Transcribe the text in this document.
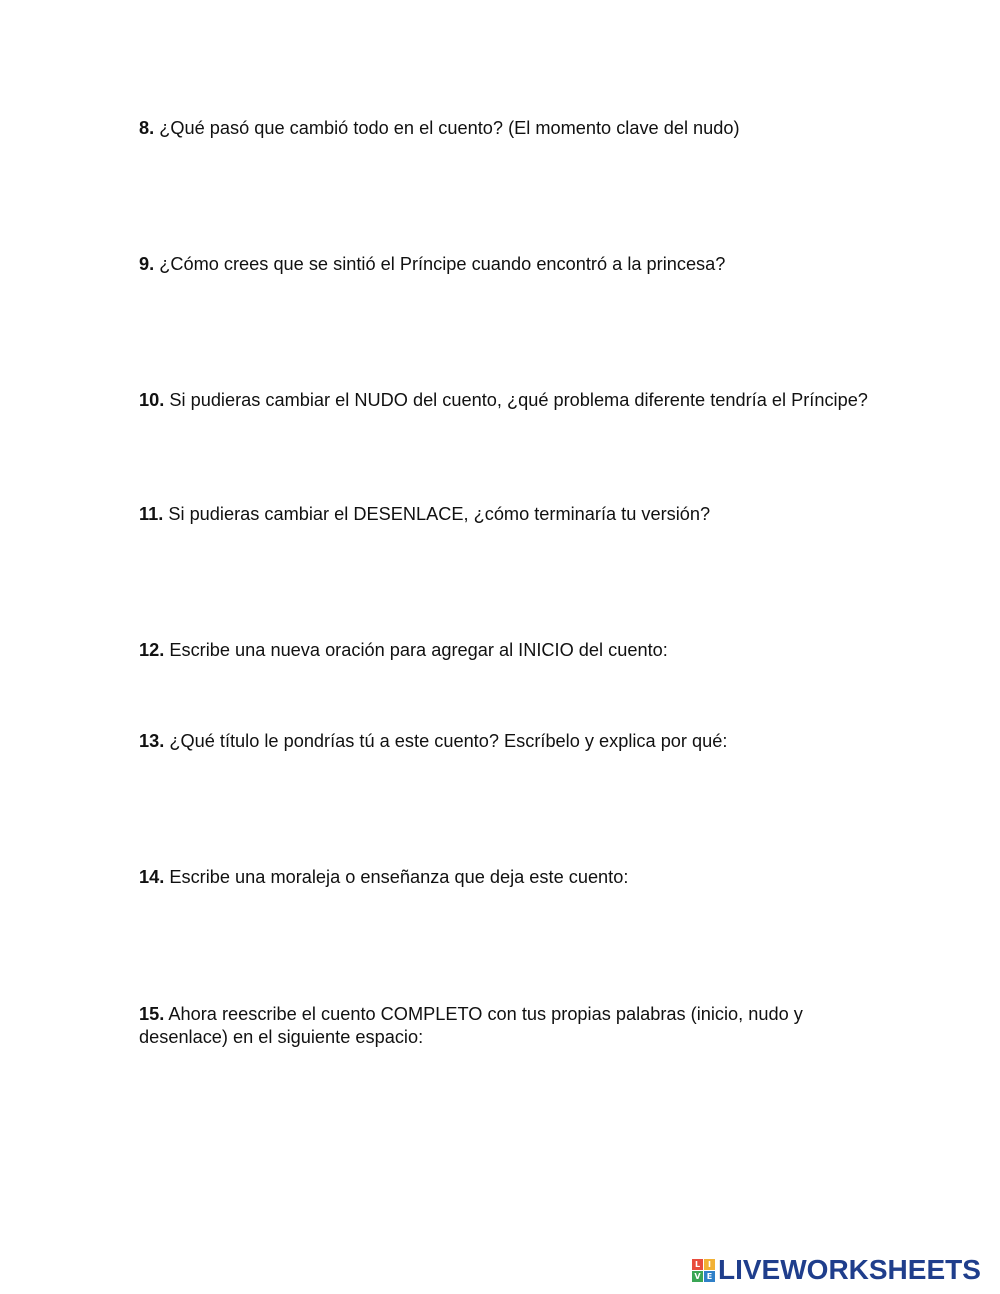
8. ¿Qué pasó que cambió todo en el cuento? (El momento clave del nudo)
9. ¿Cómo crees que se sintió el Príncipe cuando encontró a la princesa?
10. Si pudieras cambiar el NUDO del cuento, ¿qué problema diferente tendría el Príncipe?
11. Si pudieras cambiar el DESENLACE, ¿cómo terminaría tu versión?
12. Escribe una nueva oración para agregar al INICIO del cuento:
13. ¿Qué título le pondrías tú a este cuento? Escríbelo y explica por qué:
14. Escribe una moraleja o enseñanza que deja este cuento:
15. Ahora reescribe el cuento COMPLETO con tus propias palabras (inicio, nudo y desenlace) en el siguiente espacio:
L I
V E LIVEWORKSHEETS
